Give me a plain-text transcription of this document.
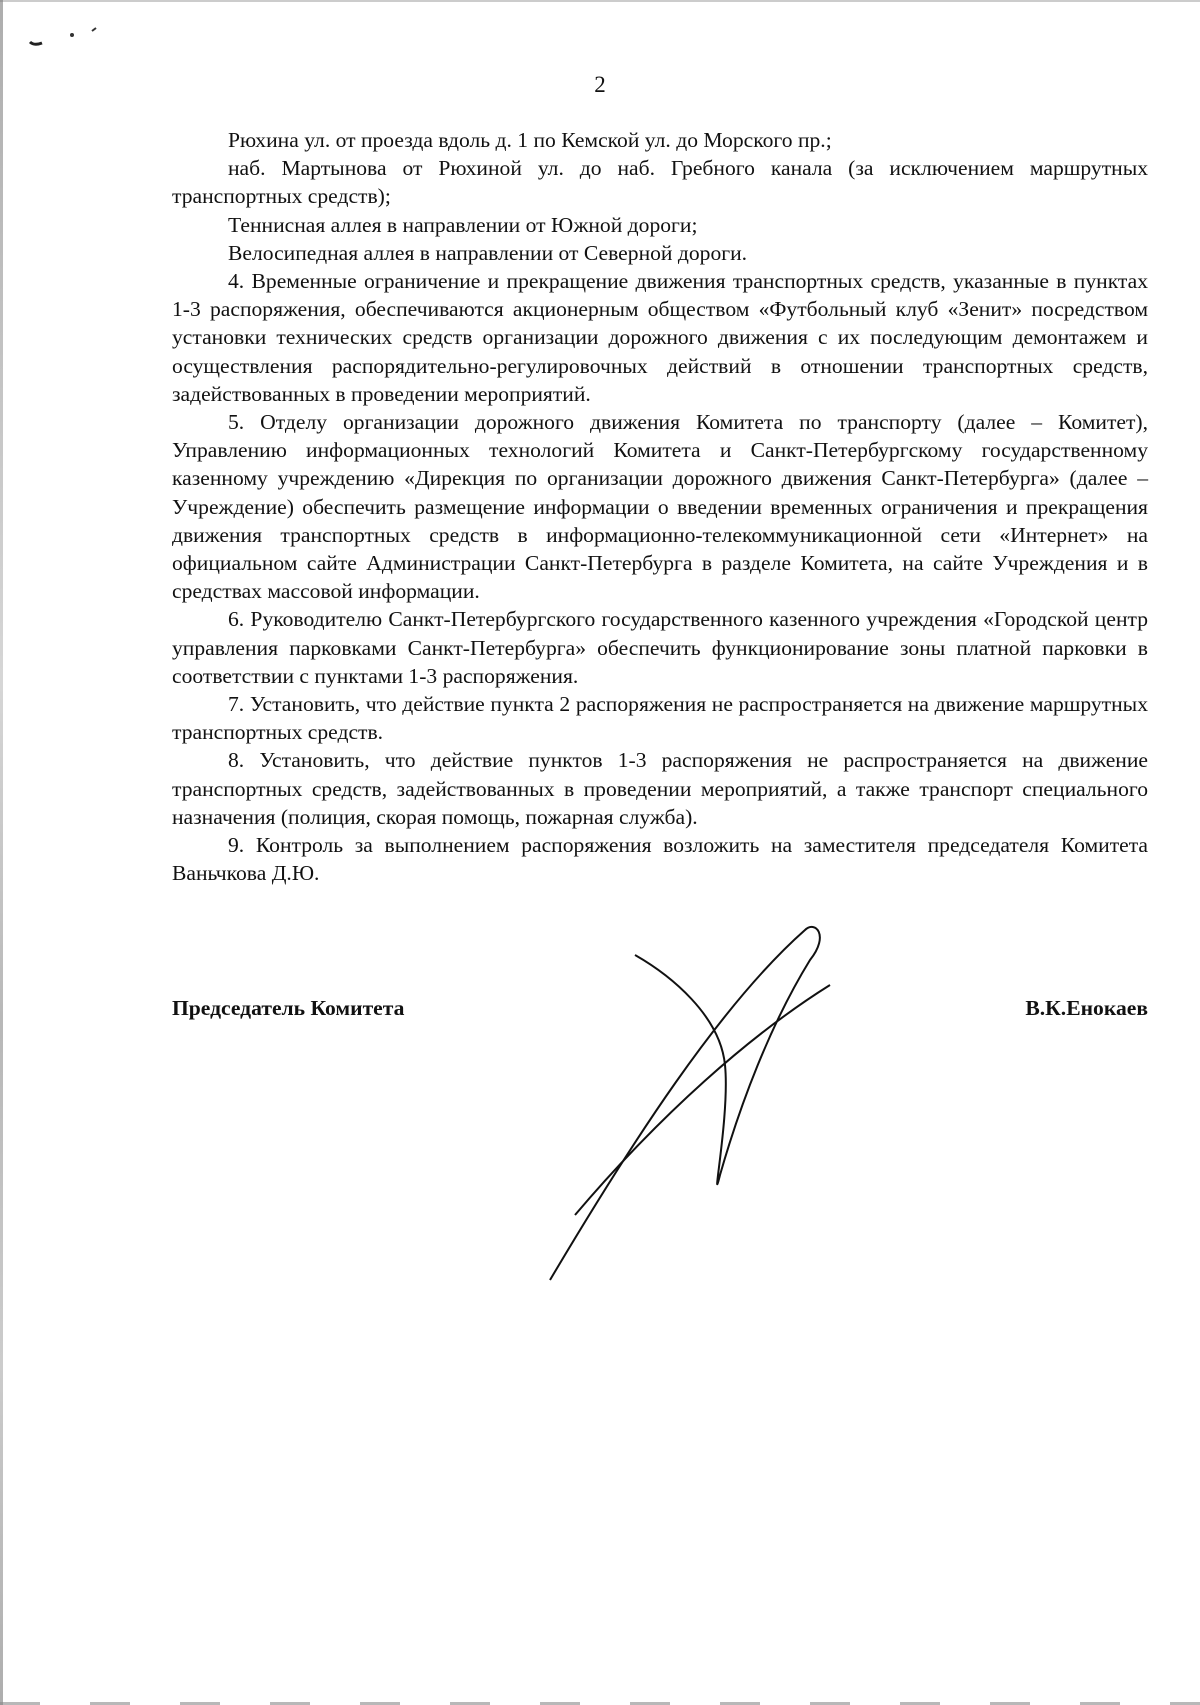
2

Рюхина ул. от проезда вдоль д. 1 по Кемской ул. до Морского пр.;

наб. Мартынова от Рюхиной ул. до наб. Гребного канала (за исключением маршрутных транспортных средств);

Теннисная аллея в направлении от Южной дороги;

Велосипедная аллея в направлении от Северной дороги.

4. Временные ограничение и прекращение движения транспортных средств, указанные в пунктах 1-3 распоряжения, обеспечиваются акционерным обществом «Футбольный клуб «Зенит» посредством установки технических средств организации дорожного движения с их последующим демонтажем и осуществления распорядительно-регулировочных действий в отношении транспортных средств, задействованных в проведении мероприятий.

5. Отделу организации дорожного движения Комитета по транспорту (далее – Комитет), Управлению информационных технологий Комитета и Санкт-Петербургскому государственному казенному учреждению «Дирекция по организации дорожного движения Санкт-Петербурга» (далее – Учреждение) обеспечить размещение информации о введении временных ограничения и прекращения движения транспортных средств в информационно-телекоммуникационной сети «Интернет» на официальном сайте Администрации Санкт-Петербурга в разделе Комитета, на сайте Учреждения и в средствах массовой информации.

6. Руководителю Санкт-Петербургского государственного казенного учреждения «Городской центр управления парковками Санкт-Петербурга» обеспечить функционирование зоны платной парковки в соответствии с пунктами 1-3 распоряжения.

7. Установить, что действие пункта 2 распоряжения не распространяется на движение маршрутных транспортных средств.

8. Установить, что действие пунктов 1-3 распоряжения не распространяется на движение транспортных средств, задействованных в проведении мероприятий, а также транспорт специального назначения (полиция, скорая помощь, пожарная служба).

9. Контроль за выполнением распоряжения возложить на заместителя председателя Комитета Ваньчкова Д.Ю.

Председатель Комитета	В.К.Енокаев
